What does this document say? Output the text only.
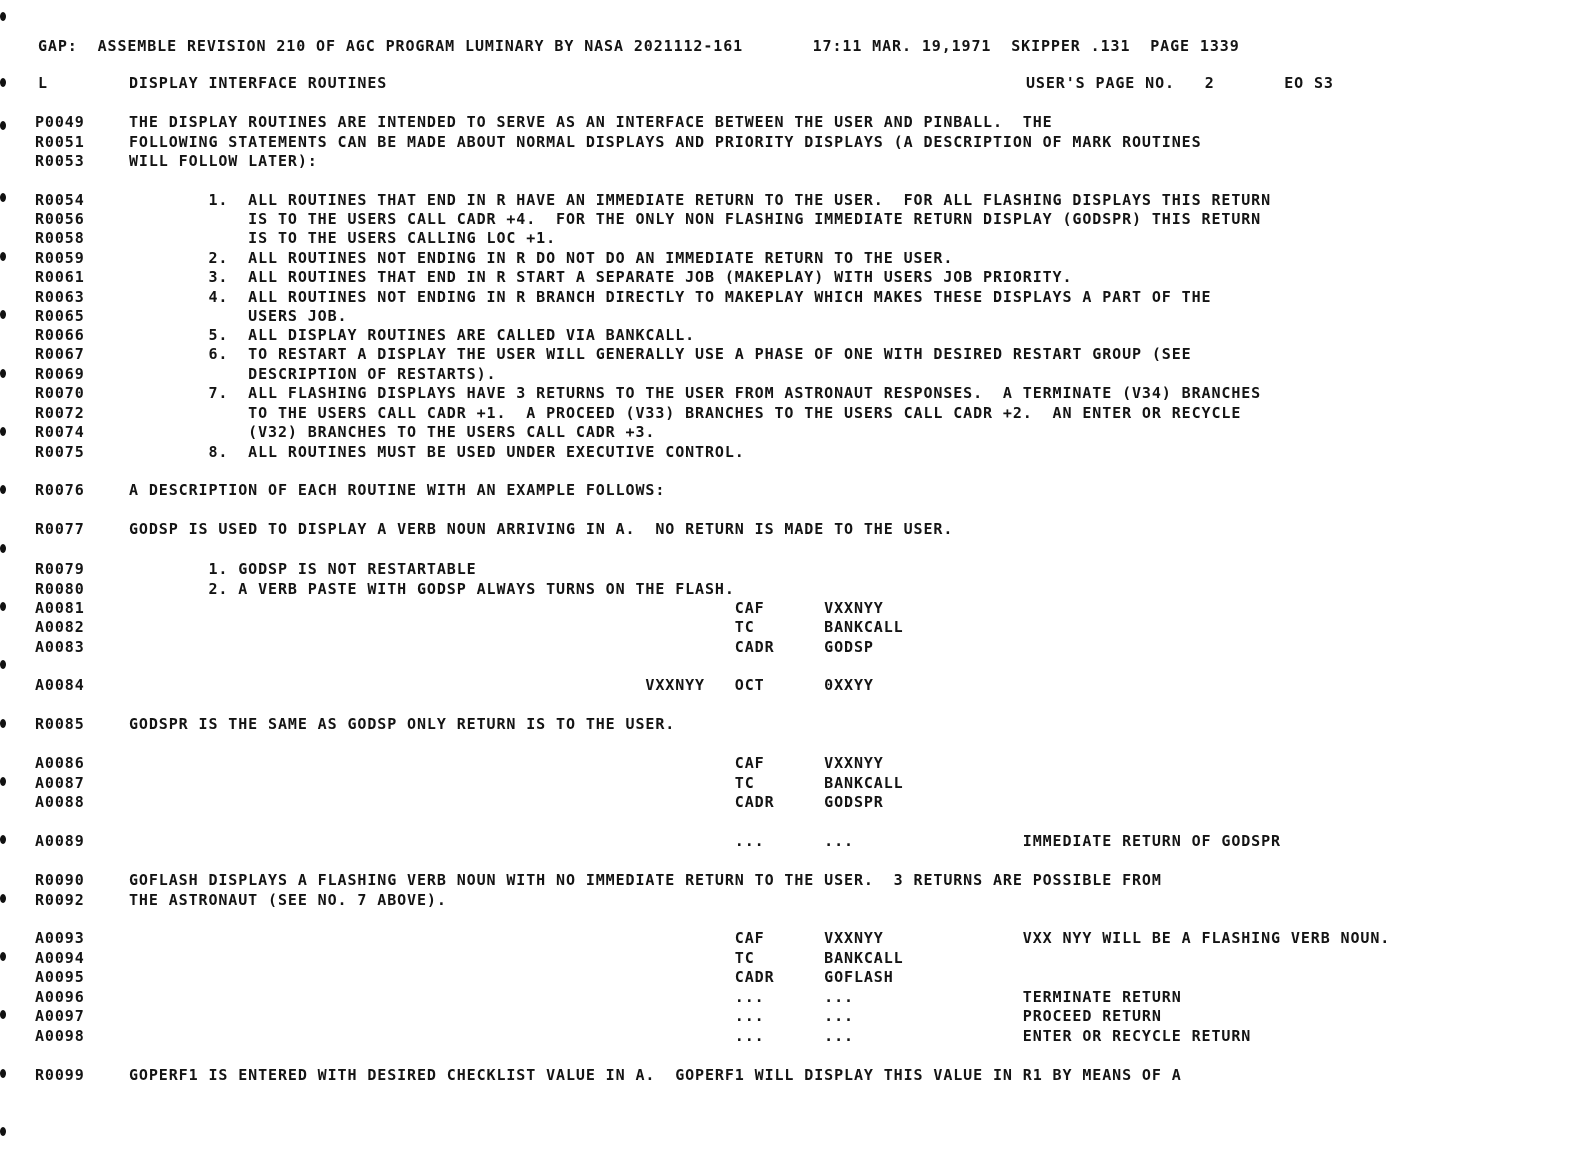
GAP:  ASSEMBLE REVISION 210 OF AGC PROGRAM LUMINARY BY NASA 2021112-161       17:11 MAR. 19,1971  SKIPPER .131  PAGE 1339
L	DISPLAY INTERFACE ROUTINES	USER'S PAGE NO.   2       EO S3
P0049
R0051
R0053
R0054
R0056
R0058
R0059
R0061
R0063
R0065
R0066
R0067
R0069
R0070
R0072
R0074
R0075
R0076
R0077
R0079
R0080
A0081
A0082
A0083
A0084
R0085
A0086
A0087
A0088
A0089
R0090
R0092
A0093
A0094
A0095
A0096
A0097
A0098
R0099
THE DISPLAY ROUTINES ARE INTENDED TO SERVE AS AN INTERFACE BETWEEN THE USER AND PINBALL.  THE
FOLLOWING STATEMENTS CAN BE MADE ABOUT NORMAL DISPLAYS AND PRIORITY DISPLAYS (A DESCRIPTION OF MARK ROUTINES
WILL FOLLOW LATER):
1.  ALL ROUTINES THAT END IN R HAVE AN IMMEDIATE RETURN TO THE USER.  FOR ALL FLASHING DISPLAYS THIS RETURN
IS TO THE USERS CALL CADR +4.  FOR THE ONLY NON FLASHING IMMEDIATE RETURN DISPLAY (GODSPR) THIS RETURN
IS TO THE USERS CALLING LOC +1.
2.  ALL ROUTINES NOT ENDING IN R DO NOT DO AN IMMEDIATE RETURN TO THE USER.
3.  ALL ROUTINES THAT END IN R START A SEPARATE JOB (MAKEPLAY) WITH USERS JOB PRIORITY.
4.  ALL ROUTINES NOT ENDING IN R BRANCH DIRECTLY TO MAKEPLAY WHICH MAKES THESE DISPLAYS A PART OF THE
USERS JOB.
5.  ALL DISPLAY ROUTINES ARE CALLED VIA BANKCALL.
6.  TO RESTART A DISPLAY THE USER WILL GENERALLY USE A PHASE OF ONE WITH DESIRED RESTART GROUP (SEE
DESCRIPTION OF RESTARTS).
7.  ALL FLASHING DISPLAYS HAVE 3 RETURNS TO THE USER FROM ASTRONAUT RESPONSES.  A TERMINATE (V34) BRANCHES
TO THE USERS CALL CADR +1.  A PROCEED (V33) BRANCHES TO THE USERS CALL CADR +2.  AN ENTER OR RECYCLE
(V32) BRANCHES TO THE USERS CALL CADR +3.
8.  ALL ROUTINES MUST BE USED UNDER EXECUTIVE CONTROL.
A DESCRIPTION OF EACH ROUTINE WITH AN EXAMPLE FOLLOWS:
GODSP IS USED TO DISPLAY A VERB NOUN ARRIVING IN A.  NO RETURN IS MADE TO THE USER.
1. GODSP IS NOT RESTARTABLE
2. A VERB PASTE WITH GODSP ALWAYS TURNS ON THE FLASH.
CAF      VXXNYY
TC       BANKCALL
CADR     GODSP
VXXNYY   OCT      0XXYY
GODSPR IS THE SAME AS GODSP ONLY RETURN IS TO THE USER.
CAF      VXXNYY
TC       BANKCALL
CADR     GODSPR
...      ...                 IMMEDIATE RETURN OF GODSPR
GOFLASH DISPLAYS A FLASHING VERB NOUN WITH NO IMMEDIATE RETURN TO THE USER.  3 RETURNS ARE POSSIBLE FROM
THE ASTRONAUT (SEE NO. 7 ABOVE).
CAF      VXXNYY              VXX NYY WILL BE A FLASHING VERB NOUN.
TC       BANKCALL
CADR     GOFLASH
...      ...                 TERMINATE RETURN
...      ...                 PROCEED RETURN
...      ...                 ENTER OR RECYCLE RETURN
GOPERF1 IS ENTERED WITH DESIRED CHECKLIST VALUE IN A.  GOPERF1 WILL DISPLAY THIS VALUE IN R1 BY MEANS OF A
